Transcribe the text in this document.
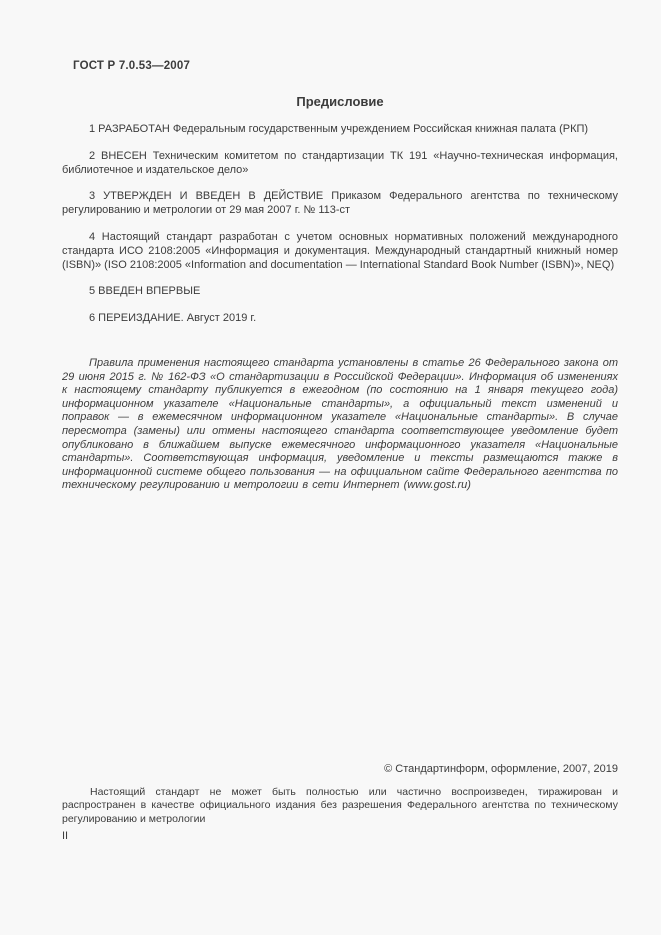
ГОСТ Р 7.0.53—2007
Предисловие

1 РАЗРАБОТАН Федеральным государственным учреждением Российская книжная палата (РКП)

2 ВНЕСЕН Техническим комитетом по стандартизации ТК 191 «Научно-техническая информация, библиотечное и издательское дело»

3 УТВЕРЖДЕН И ВВЕДЕН В ДЕЙСТВИЕ Приказом Федерального агентства по техническому регулированию и метрологии от 29 мая 2007 г. № 113-ст

4 Настоящий стандарт разработан с учетом основных нормативных положений международного стандарта ИСО 2108:2005 «Информация и документация. Международный стандартный книжный номер (ISBN)» (ISO 2108:2005 «Information and documentation — International Standard Book Number (ISBN)», NEQ)

5 ВВЕДЕН ВПЕРВЫЕ

6 ПЕРЕИЗДАНИЕ. Август 2019 г.

Правила применения настоящего стандарта установлены в статье 26 Федерального закона от 29 июня 2015 г. № 162-ФЗ «О стандартизации в Российской Федерации». Информация об изменениях к настоящему стандарту публикуется в ежегодном (по состоянию на 1 января текущего года) информационном указателе «Национальные стандарты», а официальный текст изменений и поправок — в ежемесячном информационном указателе «Национальные стандарты». В случае пересмотра (замены) или отмены настоящего стандарта соответствующее уведомление будет опубликовано в ближайшем выпуске ежемесячного информационного указателя «Национальные стандарты». Соответствующая информация, уведомление и тексты размещаются также в информационной системе общего пользования — на официальном сайте Федерального агентства по техническому регулированию и метрологии в сети Интернет (www.gost.ru)

© Стандартинформ, оформление, 2007, 2019

Настоящий стандарт не может быть полностью или частично воспроизведен, тиражирован и распространен в качестве официального издания без разрешения Федерального агентства по техническому регулированию и метрологии

II
